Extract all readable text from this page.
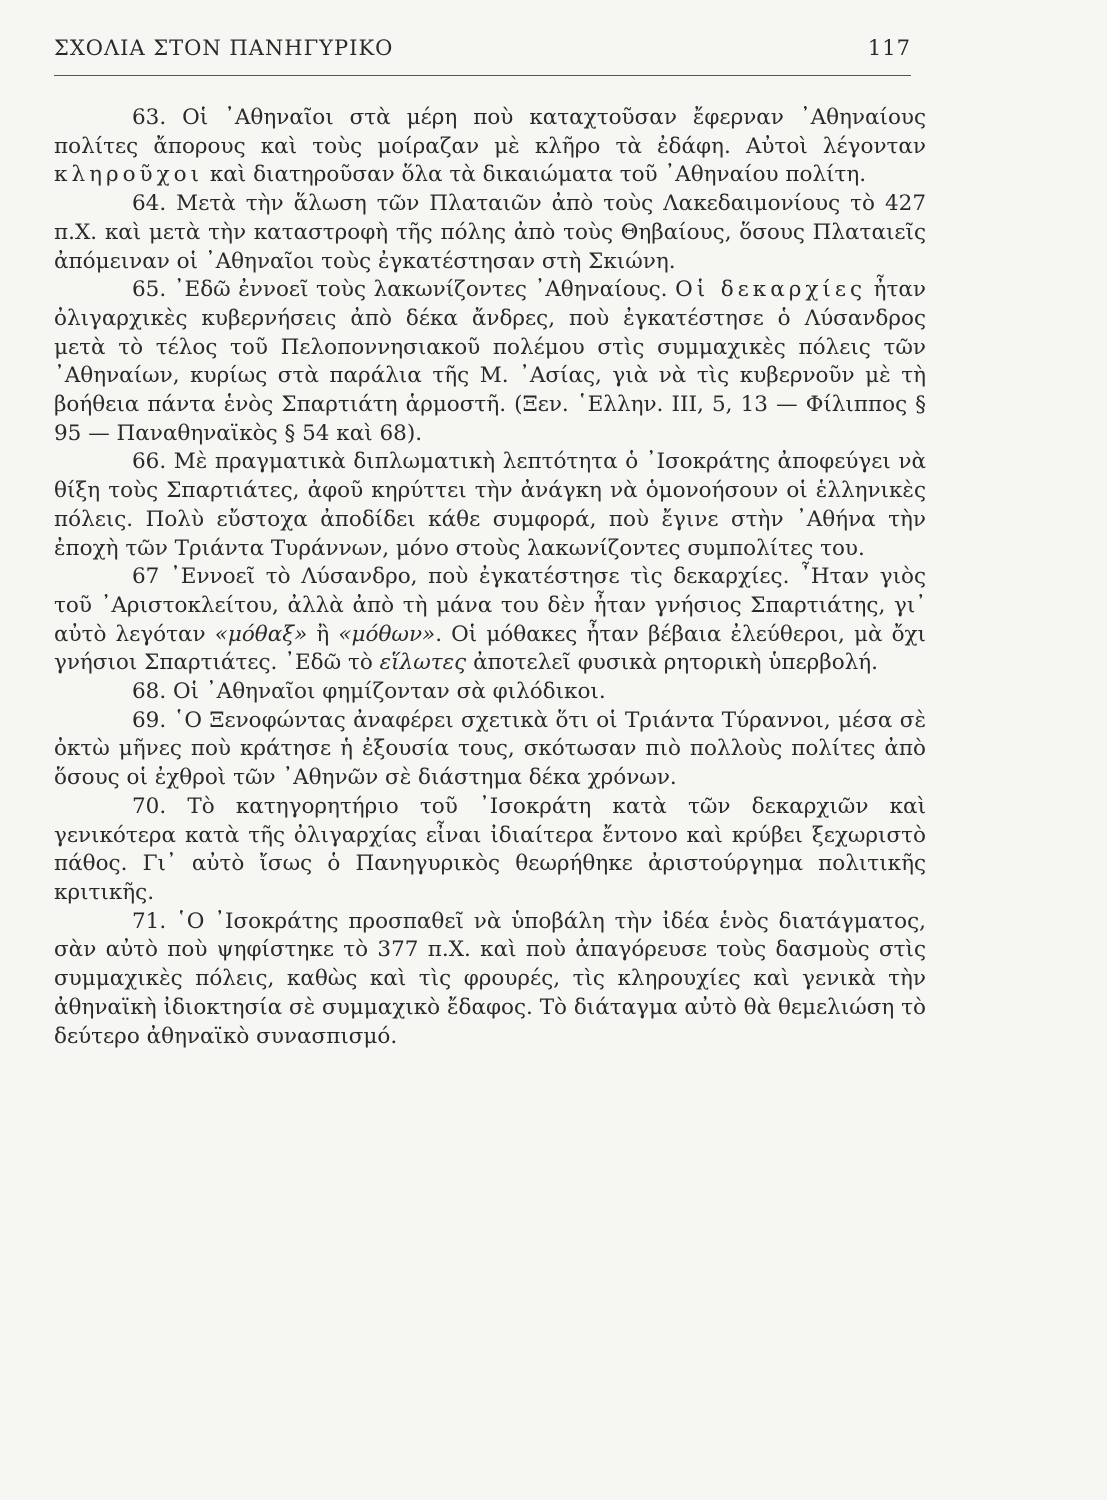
ΣΧΟΛΙΑ ΣΤΟΝ ΠΑΝΗΓΥΡΙΚΟ	117

63. Οἱ ᾿Αθηναῖοι στὰ μέρη ποὺ καταχτοῦσαν ἔφερναν ᾿Αθηναίους πολίτες ἄπορους καὶ τοὺς μοίραζαν μὲ κλῆρο τὰ ἐδάφη. Αὐτοὶ λέγονταν κληροῦχοι καὶ διατηροῦσαν ὅλα τὰ δικαιώματα τοῦ ᾿Αθηναίου πολίτη.

64. Μετὰ τὴν ἅλωση τῶν Πλαταιῶν ἀπὸ τοὺς Λακεδαιμονίους τὸ 427 π.Χ. καὶ μετὰ τὴν καταστροφὴ τῆς πόλης ἀπὸ τοὺς Θηβαίους, ὅσους Πλαταιεῖς ἀπόμειναν οἱ ᾿Αθηναῖοι τοὺς ἐγκατέστησαν στὴ Σκιώνη.

65. ᾿Εδῶ ἐννοεῖ τοὺς λακωνίζοντες ᾿Αθηναίους. Οἱ δεκαρχίες ἦταν ὀλιγαρχικὲς κυβερνήσεις ἀπὸ δέκα ἄνδρες, ποὺ ἐγκατέστησε ὁ Λύσανδρος μετὰ τὸ τέλος τοῦ Πελοποννησιακοῦ πολέμου στὶς συμμαχικὲς πόλεις τῶν ᾿Αθηναίων, κυρίως στὰ παράλια τῆς Μ. ᾿Ασίας, γιὰ νὰ τὶς κυβερνοῦν μὲ τὴ βοήθεια πάντα ἑνὸς Σπαρτιάτη ἁρμοστῆ. (Ξεν. ῾Ελλην. III, 5, 13 — Φίλιππος § 95 — Παναθηναϊκὸς § 54 καὶ 68).

66. Μὲ πραγματικὰ διπλωματικὴ λεπτότητα ὁ ᾿Ισοκράτης ἀποφεύγει νὰ θίξη τοὺς Σπαρτιάτες, ἀφοῦ κηρύττει τὴν ἀνάγκη νὰ ὁμονοήσουν οἱ ἑλληνικὲς πόλεις. Πολὺ εὔστοχα ἀποδίδει κάθε συμφορά, ποὺ ἔγινε στὴν ᾿Αθήνα τὴν ἐποχὴ τῶν Τριάντα Τυράννων, μόνο στοὺς λακωνίζοντες συμπολίτες του.

67 ᾿Εννοεῖ τὸ Λύσανδρο, ποὺ ἐγκατέστησε τὶς δεκαρχίες. ῏Ηταν γιὸς τοῦ ᾿Αριστοκλείτου, ἀλλὰ ἀπὸ τὴ μάνα του δὲν ἦταν γνήσιος Σπαρτιάτης, γι᾿ αὐτὸ λεγόταν «μόθαξ» ἢ «μόθων». Οἱ μόθακες ἦταν βέβαια ἐλεύθεροι, μὰ ὄχι γνήσιοι Σπαρτιάτες. ᾿Εδῶ τὸ εἵλωτες ἀποτελεῖ φυσικὰ ρητορικὴ ὑπερβολή.

68. Οἱ ᾿Αθηναῖοι φημίζονταν σὰ φιλόδικοι.

69. ῾Ο Ξενοφώντας ἀναφέρει σχετικὰ ὅτι οἱ Τριάντα Τύραννοι, μέσα σὲ ὀκτὼ μῆνες ποὺ κράτησε ἡ ἐξουσία τους, σκότωσαν πιὸ πολλοὺς πολίτες ἀπὸ ὅσους οἱ ἐχθροὶ τῶν ᾿Αθηνῶν σὲ διάστημα δέκα χρόνων.

70. Τὸ κατηγορητήριο τοῦ ᾿Ισοκράτη κατὰ τῶν δεκαρχιῶν καὶ γενικότερα κατὰ τῆς ὀλιγαρχίας εἶναι ἰδιαίτερα ἔντονο καὶ κρύβει ξεχωριστὸ πάθος. Γι᾿ αὐτὸ ἴσως ὁ Πανηγυρικὸς θεωρήθηκε ἀριστούργημα πολιτικῆς κριτικῆς.

71. ῾Ο ᾿Ισοκράτης προσπαθεῖ νὰ ὑποβάλη τὴν ἰδέα ἑνὸς διατάγματος, σὰν αὐτὸ ποὺ ψηφίστηκε τὸ 377 π.Χ. καὶ ποὺ ἀπαγόρευσε τοὺς δασμοὺς στὶς συμμαχικὲς πόλεις, καθὼς καὶ τὶς φρουρές, τὶς κληρουχίες καὶ γενικὰ τὴν ἀθηναϊκὴ ἰδιοκτησία σὲ συμμαχικὸ ἔδαφος. Τὸ διάταγμα αὐτὸ θὰ θεμελιώση τὸ δεύτερο ἀθηναϊκὸ συνασπισμό.
